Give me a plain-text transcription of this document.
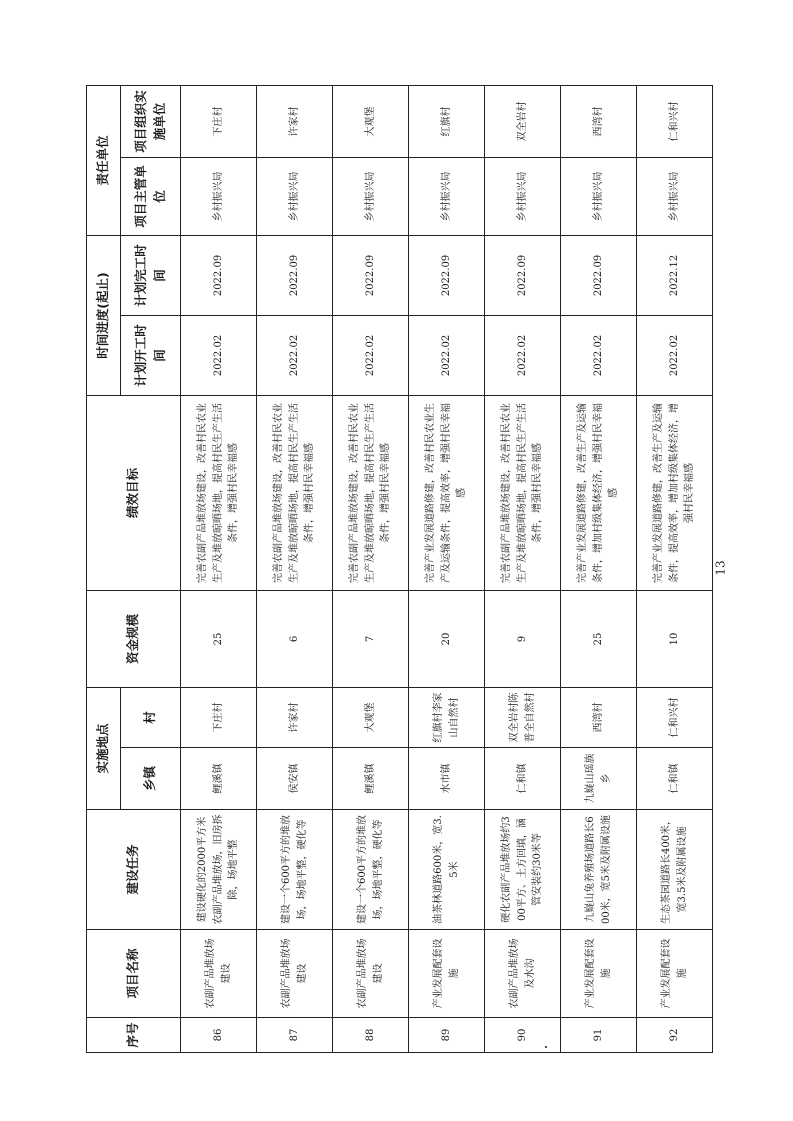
序号	项目名称	建设任务	实施地点		资金规模	绩效目标	时间进度(起止)		责任单位	
			乡镇	村			计划开工时间	计划完工时间	项目主管单位	项目组织实施单位
86	农副产品堆放场建设	建设硬化的2000平方米农副产品堆放场，旧房拆除，场地平整	鲤溪镇	下庄村	25	完善农副产品堆放场建设，改善村民农业生产及堆放晾晒场地，提高村民生产生活条件，增强村民幸福感	2022.02	2022.09	乡村振兴局	下庄村
87	农副产品堆放场建设	建设一个600平方的堆放场，场地平整，硬化等	侯安镇	许家村	6	完善农副产品堆放场建设，改善村民农业生产及堆放晾晒场地，提高村民生产生活条件，增强村民幸福感	2022.02	2022.09	乡村振兴局	许家村
88	农副产品堆放场建设	建设一个600平方的堆放场，场地平整，硬化等	鲤溪镇	大观堡	7	完善农副产品堆放场建设，改善村民农业生产及堆放晾晒场地，提高村民生产生活条件，增强村民幸福感	2022.02	2022.09	乡村振兴局	大观堡
89	产业发展配套设施	油茶林道路600米，宽3.5米	水市镇	红旗村李家山自然村	20	完善产业发展道路修建，改善村民农业生产及运输条件，提高效率，增强村民幸福感	2022.02	2022.09	乡村振兴局	红旗村
90	农副产品堆放场及水沟	硬化农副产品堆放场约300平方、土方回填，涵管安装约30米等	仁和镇	双全岩村陈普全自然村	9	完善农副产品堆放场建设，改善村民农业生产及堆放晾晒场地，提高村民生产生活条件，增强村民幸福感	2022.02	2022.09	乡村振兴局	双全岩村
91	产业发展配套设施	九嶷山兔养殖场道路长600米，宽5米及附属设施	九嶷山瑶族乡	西湾村	25	完善产业发展道路修建，改善生产及运输条件，增加村级集体经济，增强村民幸福感	2022.02	2022.09	乡村振兴局	西湾村
92	产业发展配套设施	生态茶园道路长400米，宽3.5米及附属设施	仁和镇	仁和兴村	10	完善产业发展道路修建，改善生产及运输条件，提高效率，增加村级集体经济，增强村民幸福感	2022.02	2022.12	乡村振兴局	仁和兴村
13
